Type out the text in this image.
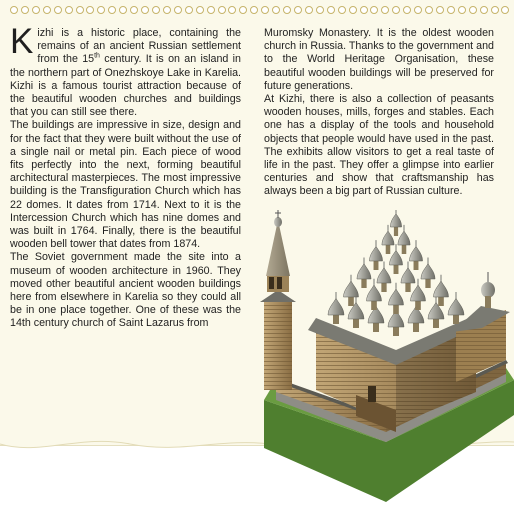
Kizhi is a historic place, containing the remains of an ancient Russian settlement from the 15th century. It is on an island in the northern part of Onezhskoye Lake in Karelia. Kizhi is a famous tourist attraction because of the beautiful wooden churches and buildings that you can still see there.

The buildings are impressive in size, design and for the fact that they were built without the use of a single nail or metal pin. Each piece of wood fits perfectly into the next, forming beautiful architectural masterpieces. The most impressive building is the Transfiguration Church which has 22 domes. It dates from 1714. Next to it is the Intercession Church which has nine domes and was built in 1764. Finally, there is the beautiful wooden bell tower that dates from 1874.

The Soviet government made the site into a museum of wooden architecture in 1960. They moved other beautiful ancient wooden buildings here from elsewhere in Karelia so they could all be in one place together. One of these was the 14th century church of Saint Lazarus from

Muromsky Monastery. It is the oldest wooden church in Russia. Thanks to the government and to the World Heritage Organisation, these beautiful wooden buildings will be preserved for future generations.

At Kizhi, there is also a collection of peasants wooden houses, mills, forges and stables. Each one has a display of the tools and household objects that people would have used in the past. The exhibits allow visitors to get a real taste of life in the past. They offer a glimpse into earlier centuries and show that craftsmanship has always been a big part of Russian culture.
